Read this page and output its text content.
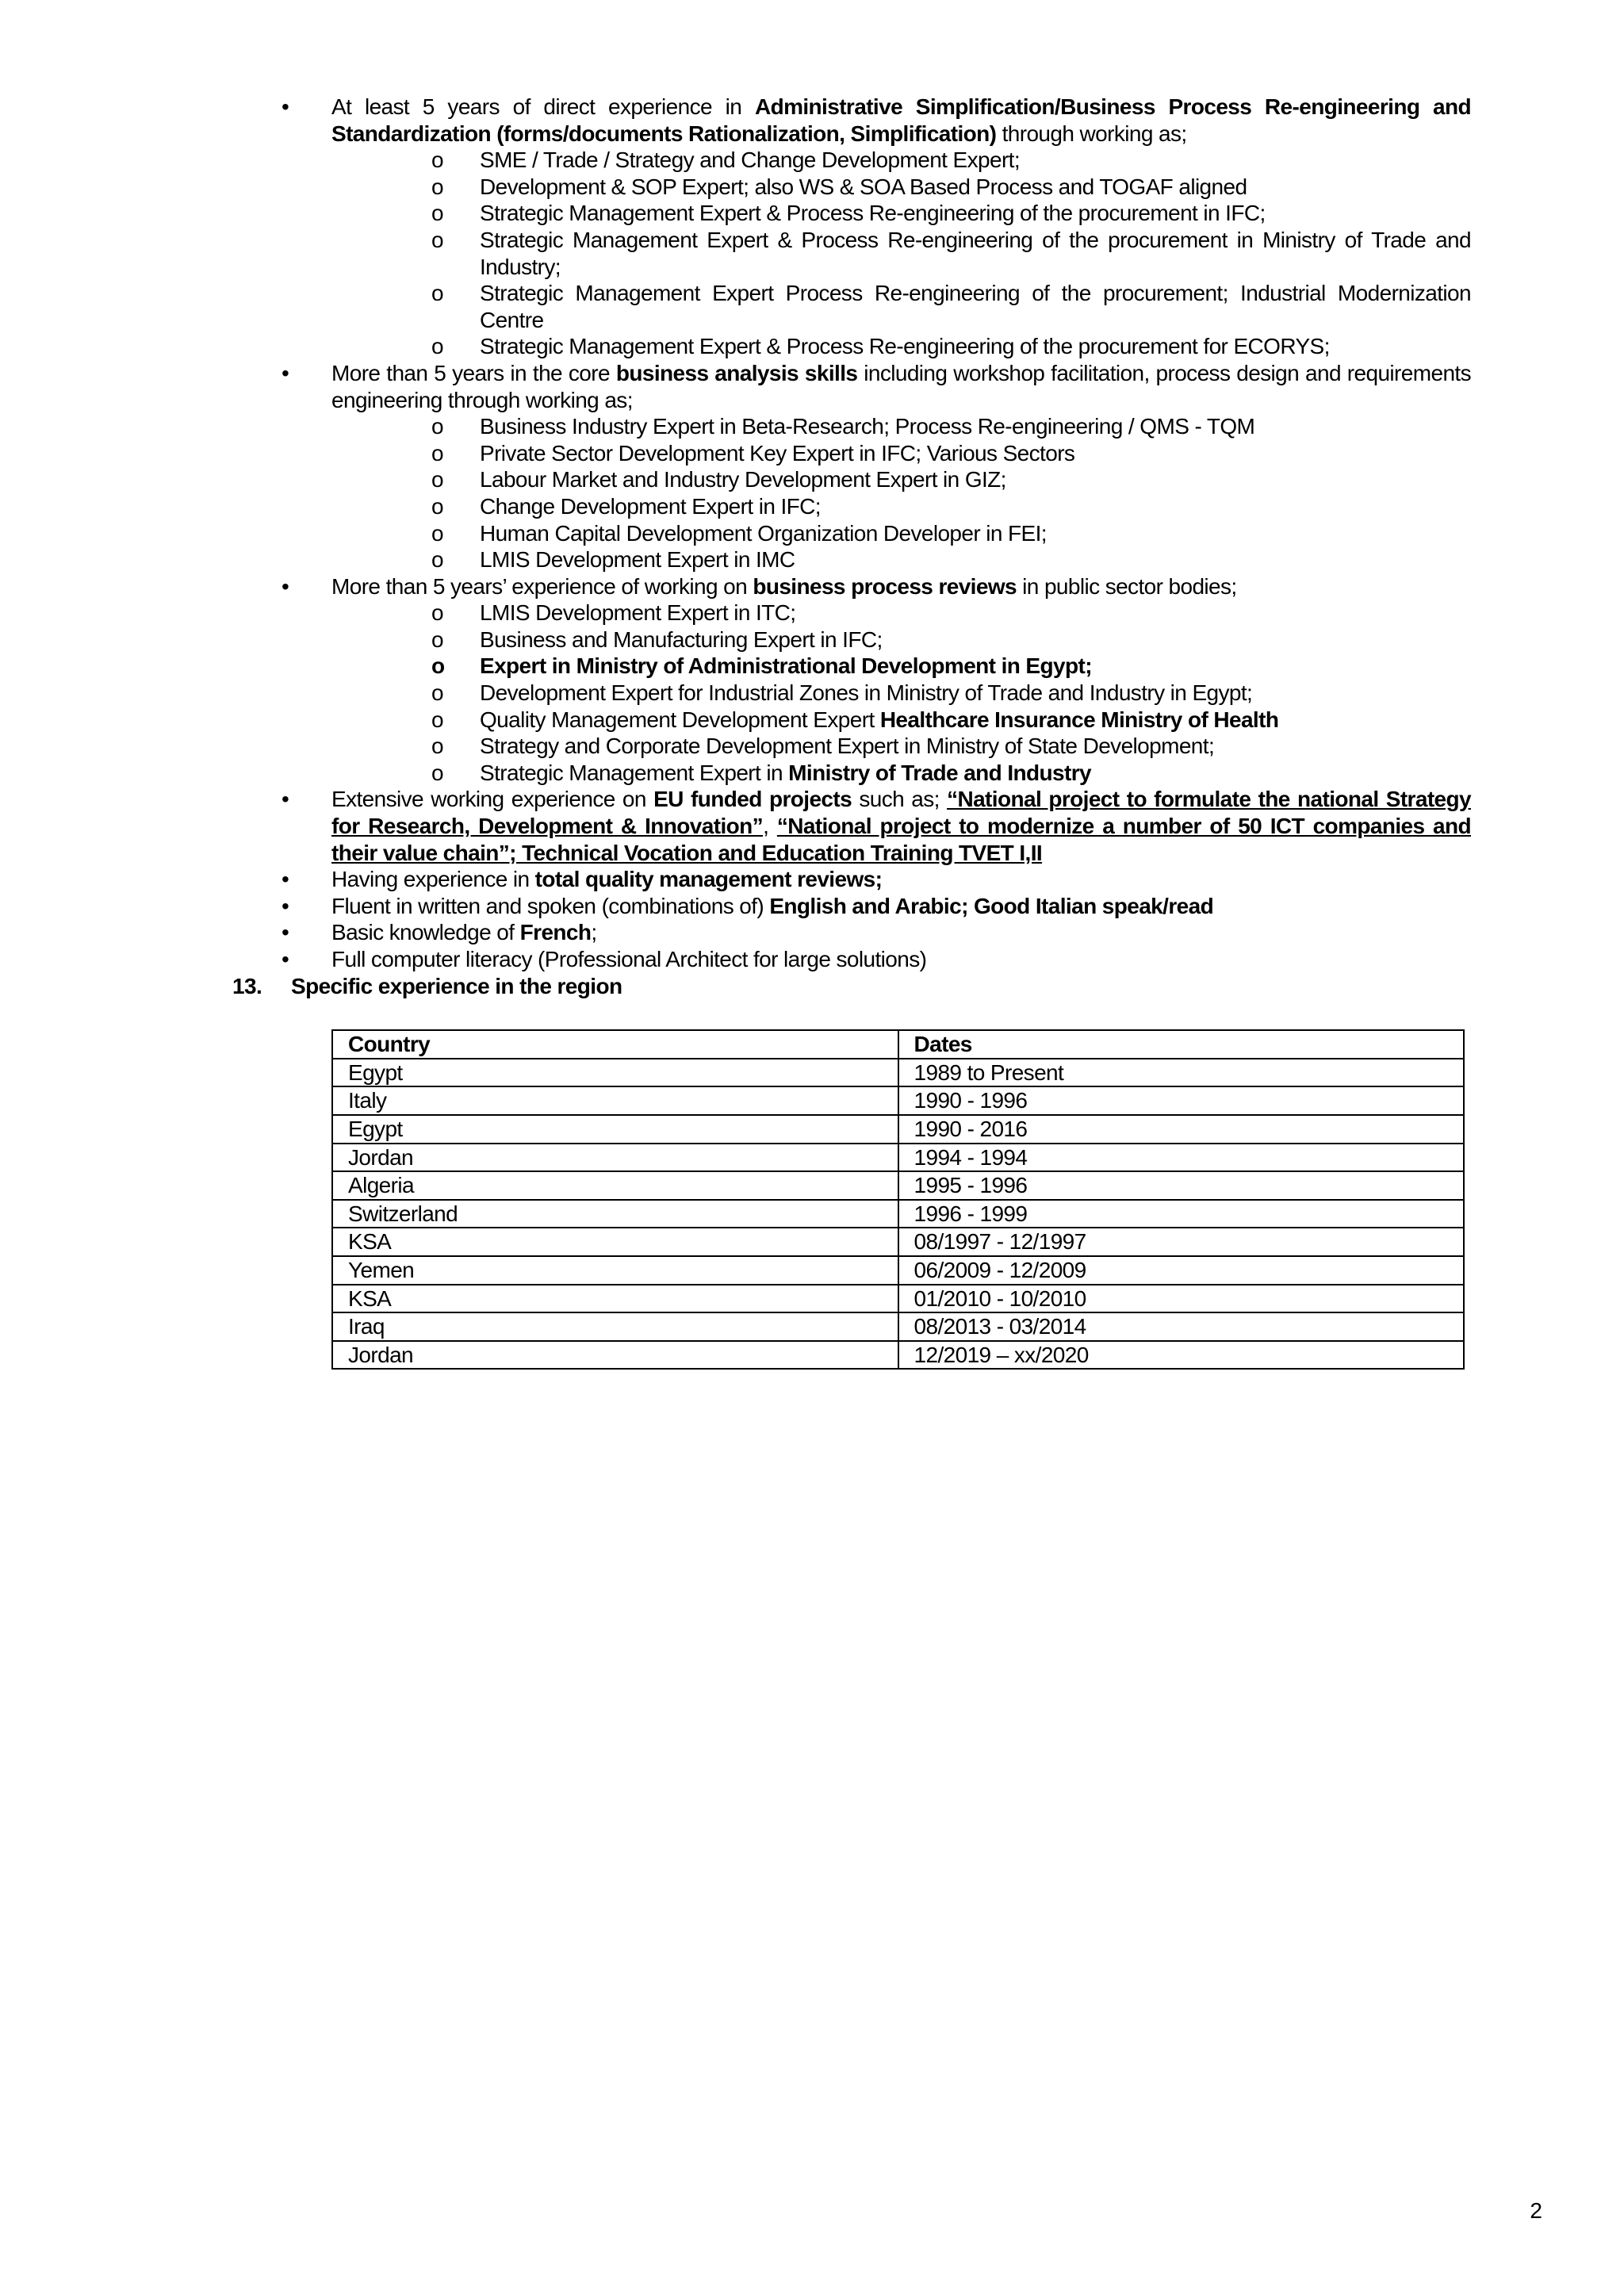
• At least 5 years of direct experience in Administrative Simplification/Business Process Re-engineering and Standardization (forms/documents Rationalization, Simplification) through working as;
o SME / Trade / Strategy and Change Development Expert;
o Development & SOP Expert; also WS & SOA Based Process and TOGAF aligned
o Strategic Management Expert & Process Re-engineering of the procurement in IFC;
o Strategic Management Expert & Process Re-engineering of the procurement in Ministry of Trade and Industry;
o Strategic Management Expert Process Re-engineering of the procurement; Industrial Modernization Centre
o Strategic Management Expert & Process Re-engineering of the procurement for ECORYS;
• More than 5 years in the core business analysis skills including workshop facilitation, process design and requirements engineering through working as;
o Business Industry Expert in Beta-Research; Process Re-engineering / QMS - TQM
o Private Sector Development Key Expert in IFC; Various Sectors
o Labour Market and Industry Development Expert in GIZ;
o Change Development Expert in IFC;
o Human Capital Development Organization Developer in FEI;
o LMIS Development Expert in IMC
• More than 5 years’ experience of working on business process reviews in public sector bodies;
o LMIS Development Expert in ITC;
o Business and Manufacturing Expert in IFC;
o Expert in Ministry of Administrational Development in Egypt;
o Development Expert for Industrial Zones in Ministry of Trade and Industry in Egypt;
o Quality Management Development Expert Healthcare Insurance Ministry of Health
o Strategy and Corporate Development Expert in Ministry of State Development;
o Strategic Management Expert in Ministry of Trade and Industry
• Extensive working experience on EU funded projects such as; “National project to formulate the national Strategy for Research, Development & Innovation”, “National project to modernize a number of 50 ICT companies and their value chain”; Technical Vocation and Education Training TVET I,II
• Having experience in total quality management reviews;
• Fluent in written and spoken (combinations of) English and Arabic; Good Italian speak/read
• Basic knowledge of French;
• Full computer literacy (Professional Architect for large solutions)
13. Specific experience in the region
Country	Dates
Egypt	1989 to Present
Italy	1990 - 1996
Egypt	1990 - 2016
Jordan	1994 - 1994
Algeria	1995 - 1996
Switzerland	1996 - 1999
KSA	08/1997 - 12/1997
Yemen	06/2009 - 12/2009
KSA	01/2010 - 10/2010
Iraq	08/2013 - 03/2014
Jordan	12/2019 – xx/2020
2
